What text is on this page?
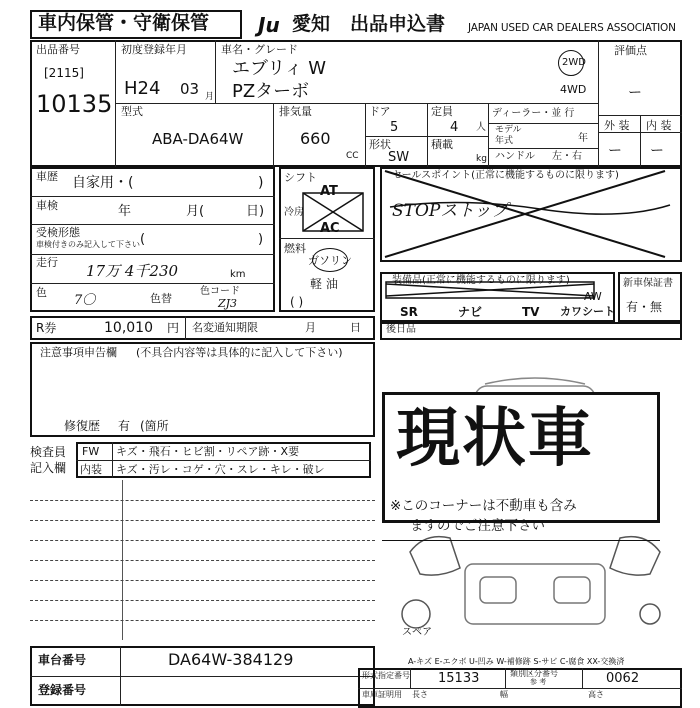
車内保管・守衛保管 Ju 愛知 出品申込書 JAPAN USED CAR DEALERS ASSOCIATION
出品番号
[2115]
10135
初度登録年月
H24 03 月
車名・グレード
エブリィ W
PZターボ
2WD
4WD
評価点
ー
外 装 内 装
ー ー
型式
ABA-DA64W
排気量
660
CC
ドア
5
形状
SW
定員
4 人
積載
kg
ディーラー・並 行
モデル
年式	年
ハンドル 左・右
車歴 自家用・(	)
車検	年	月(	日)
受検形態
車検付きのみ記入して下さい (	)
走行 17万 4千230	km
色
7〇	色替
色コード
ZJ3
R券	10,010 円 名変通知期限	月	日
シフト
AT
冷房
AC
燃料
ガソリン
軽 油
( )
セールスポイント(正常に機能するものに限ります)
STOPストップ
装備品(正常に機能するものに限ります)
AW
SR	ナビ	TV カワシート
新車保証書
有・無
後日品
注意事項申告欄 (不具合内容等は具体的に記入して下さい)
修復歴 有 (箇所
検査員
記入欄
FW キズ・飛石・ヒビ割・リペア跡・X要
内装 キズ・汚レ・コゲ・穴・スレ・キレ・破レ
スペア
現状車
※このコーナーは不動車も含み
ますのでご注意下さい
A-キズ E-エクボ U-凹み W-補修跡 S-サビ C-腐食 XX-交換済
車台番号	DA64W-384129
登録番号
形式指定番号 15133	類別区分番号
参 考	0062
車庫証明用 長さ	幅	高さ
